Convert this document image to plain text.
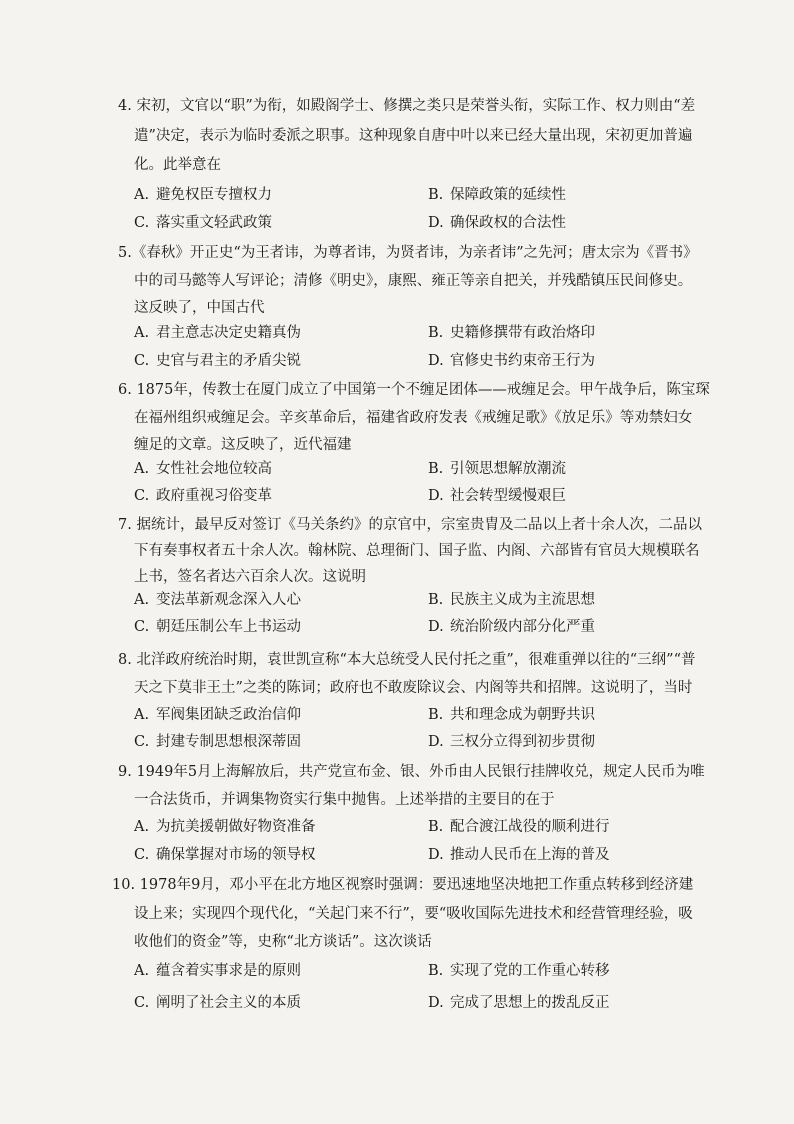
4. 宋初，文官以“职”为衔，如殿阁学士、修撰之类只是荣誉头衔，实际工作、权力则由“差
遣”决定，表示为临时委派之职事。这种现象自唐中叶以来已经大量出现，宋初更加普遍
化。此举意在
A. 避免权臣专擅权力	B. 保障政策的延续性
C. 落实重文轻武政策	D. 确保政权的合法性
5.《春秋》开正史“为王者讳，为尊者讳，为贤者讳，为亲者讳”之先河；唐太宗为《晋书》
中的司马懿等人写评论；清修《明史》，康熙、雍正等亲自把关，并残酷镇压民间修史。
这反映了，中国古代
A. 君主意志决定史籍真伪	B. 史籍修撰带有政治烙印
C. 史官与君主的矛盾尖锐	D. 官修史书约束帝王行为
6. 1875年，传教士在厦门成立了中国第一个不缠足团体——戒缠足会。甲午战争后，陈宝琛
在福州组织戒缠足会。辛亥革命后，福建省政府发表《戒缠足歌》《放足乐》等劝禁妇女
缠足的文章。这反映了，近代福建
A. 女性社会地位较高	B. 引领思想解放潮流
C. 政府重视习俗变革	D. 社会转型缓慢艰巨
7. 据统计，最早反对签订《马关条约》的京官中，宗室贵胄及二品以上者十余人次，二品以
下有奏事权者五十余人次。翰林院、总理衙门、国子监、内阁、六部皆有官员大规模联名
上书，签名者达六百余人次。这说明
A. 变法革新观念深入人心	B. 民族主义成为主流思想
C. 朝廷压制公车上书运动	D. 统治阶级内部分化严重
8. 北洋政府统治时期，袁世凯宣称“本大总统受人民付托之重”，很难重弹以往的“三纲”“普
天之下莫非王土”之类的陈词；政府也不敢废除议会、内阁等共和招牌。这说明了，当时
A. 军阀集团缺乏政治信仰	B. 共和理念成为朝野共识
C. 封建专制思想根深蒂固	D. 三权分立得到初步贯彻
9. 1949年5月上海解放后，共产党宣布金、银、外币由人民银行挂牌收兑，规定人民币为唯
一合法货币，并调集物资实行集中抛售。上述举措的主要目的在于
A. 为抗美援朝做好物资准备	B. 配合渡江战役的顺利进行
C. 确保掌握对市场的领导权	D. 推动人民币在上海的普及
10. 1978年9月，邓小平在北方地区视察时强调：要迅速地坚决地把工作重点转移到经济建
设上来；实现四个现代化，“关起门来不行”，要“吸收国际先进技术和经营管理经验，吸
收他们的资金”等，史称“北方谈话”。这次谈话
A. 蕴含着实事求是的原则	B. 实现了党的工作重心转移
C. 阐明了社会主义的本质	D. 完成了思想上的拨乱反正
